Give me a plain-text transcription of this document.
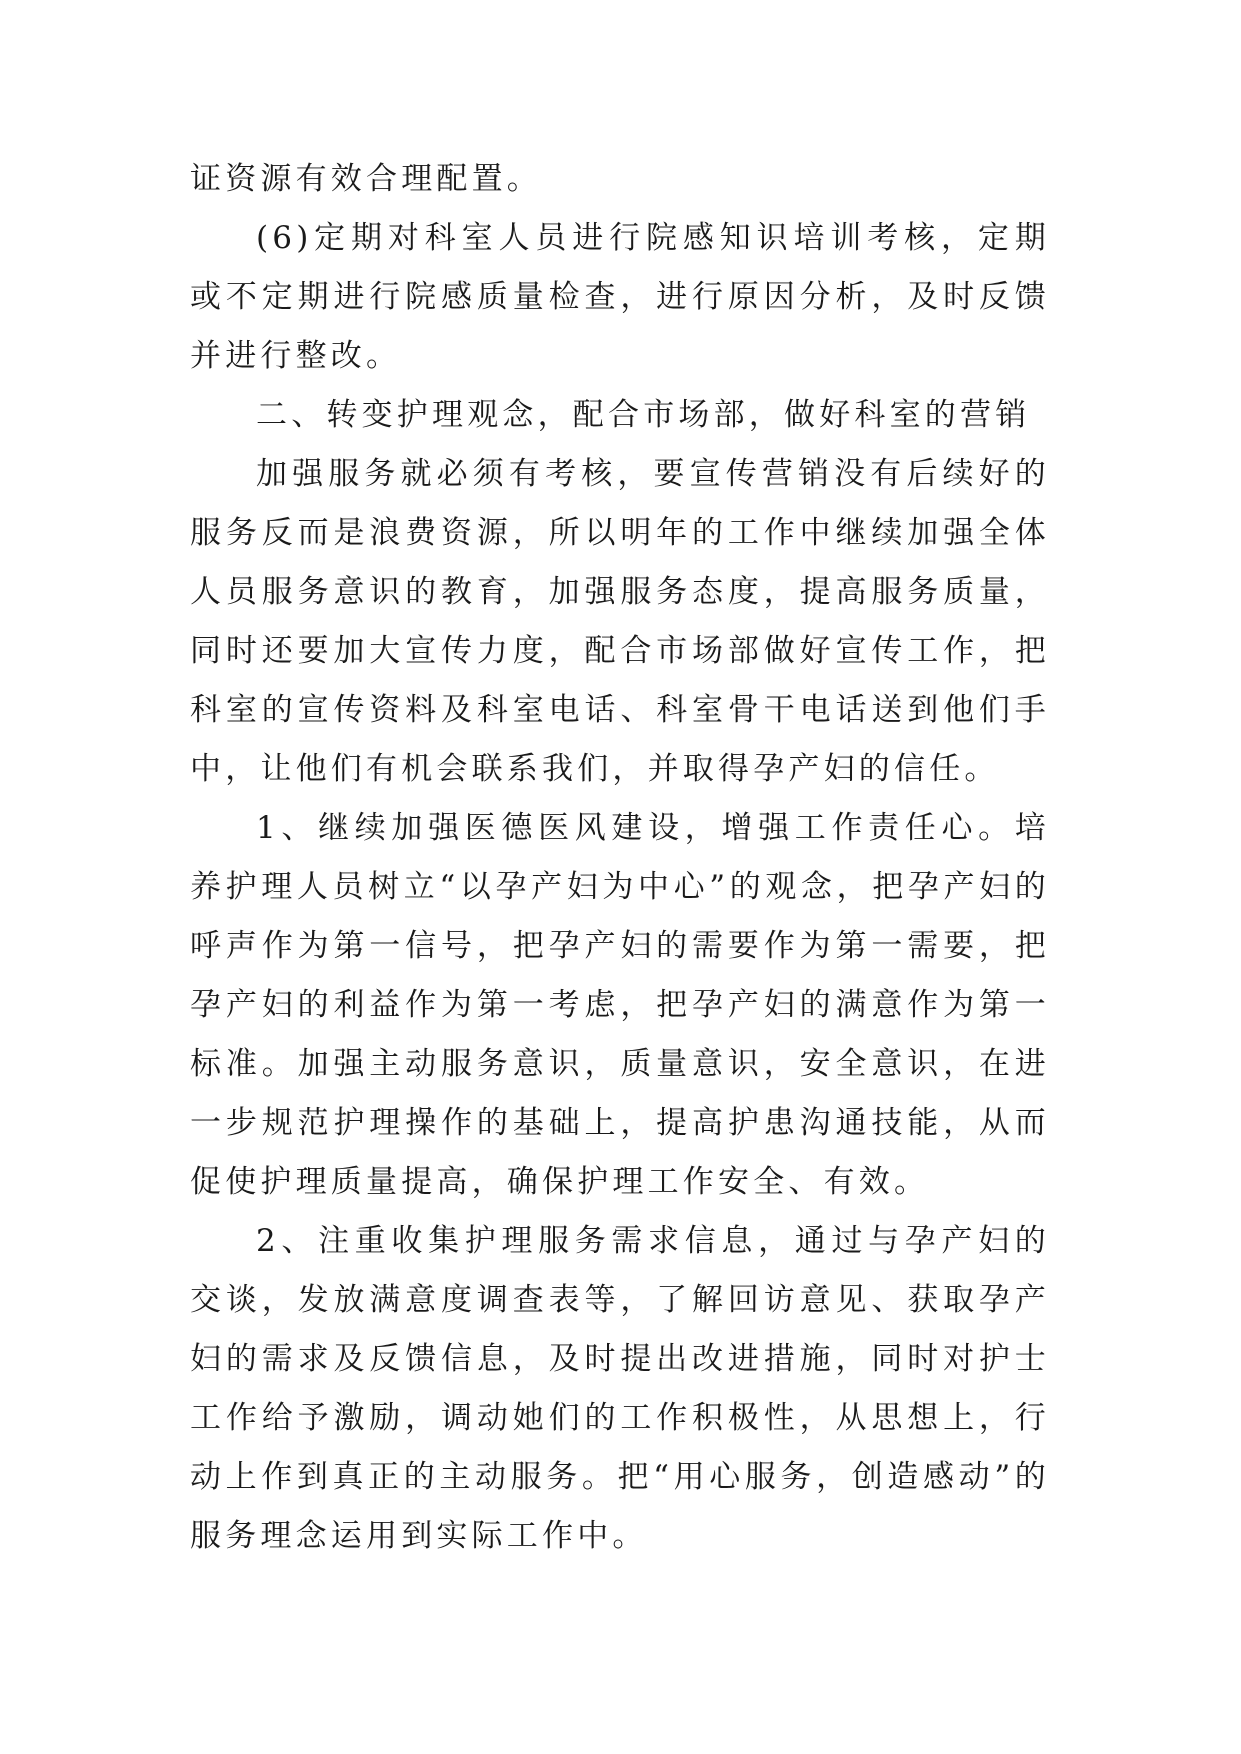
证资源有效合理配置。

(6)定期对科室人员进行院感知识培训考核，定期或不定期进行院感质量检查，进行原因分析，及时反馈并进行整改。

二、转变护理观念，配合市场部，做好科室的营销

加强服务就必须有考核，要宣传营销没有后续好的服务反而是浪费资源，所以明年的工作中继续加强全体人员服务意识的教育，加强服务态度，提高服务质量，同时还要加大宣传力度，配合市场部做好宣传工作，把科室的宣传资料及科室电话、科室骨干电话送到他们手中，让他们有机会联系我们，并取得孕产妇的信任。

1、继续加强医德医风建设，增强工作责任心。培养护理人员树立“以孕产妇为中心”的观念，把孕产妇的呼声作为第一信号，把孕产妇的需要作为第一需要，把孕产妇的利益作为第一考虑，把孕产妇的满意作为第一标准。加强主动服务意识，质量意识，安全意识，在进一步规范护理操作的基础上，提高护患沟通技能，从而促使护理质量提高，确保护理工作安全、有效。

2、注重收集护理服务需求信息，通过与孕产妇的交谈，发放满意度调查表等，了解回访意见、获取孕产妇的需求及反馈信息，及时提出改进措施，同时对护士工作给予激励，调动她们的工作积极性，从思想上，行动上作到真正的主动服务。把“用心服务，创造感动”的服务理念运用到实际工作中。
